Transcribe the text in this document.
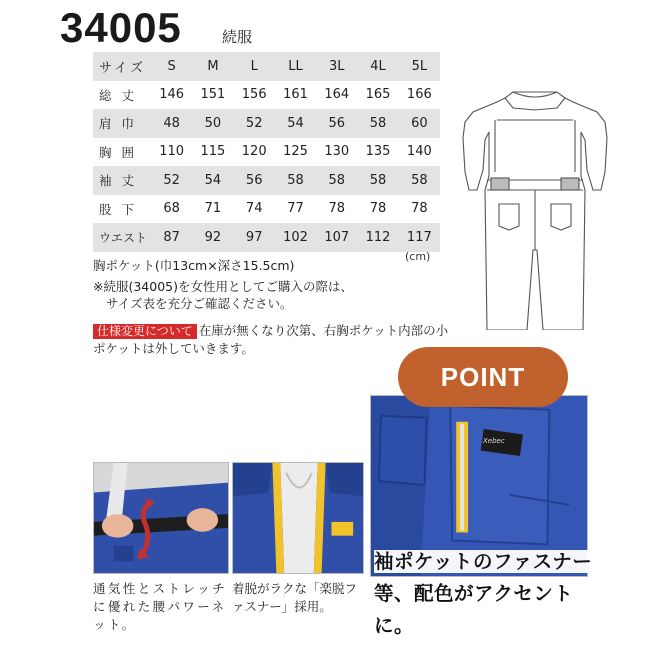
34005	続服
サイズ	S	M	L	LL	3L	4L	5L
総 丈	146	151	156	161	164	165	166
肩 巾	48	50	52	54	56	58	60
胸 囲	110	115	120	125	130	135	140
袖 丈	52	54	56	58	58	58	58
股 下	68	71	74	77	78	78	78
ウエスト	87	92	97	102	107	112	117
(cm)
胸ポケット(巾13cm×深さ15.5cm)
※続服(34005)を女性用としてご購入の際は、
サイズ表を充分ご確認ください。
仕様変更について 在庫が無くなり次第、右胸ポケット内部の小ポケットは外していきます。
Xebec
POINT
通気性とストレッチに優れた腰パワーネット。
着脱がラクな「楽脱ファスナー」採用。
袖ポケットのファスナー等、配色がアクセントに。
